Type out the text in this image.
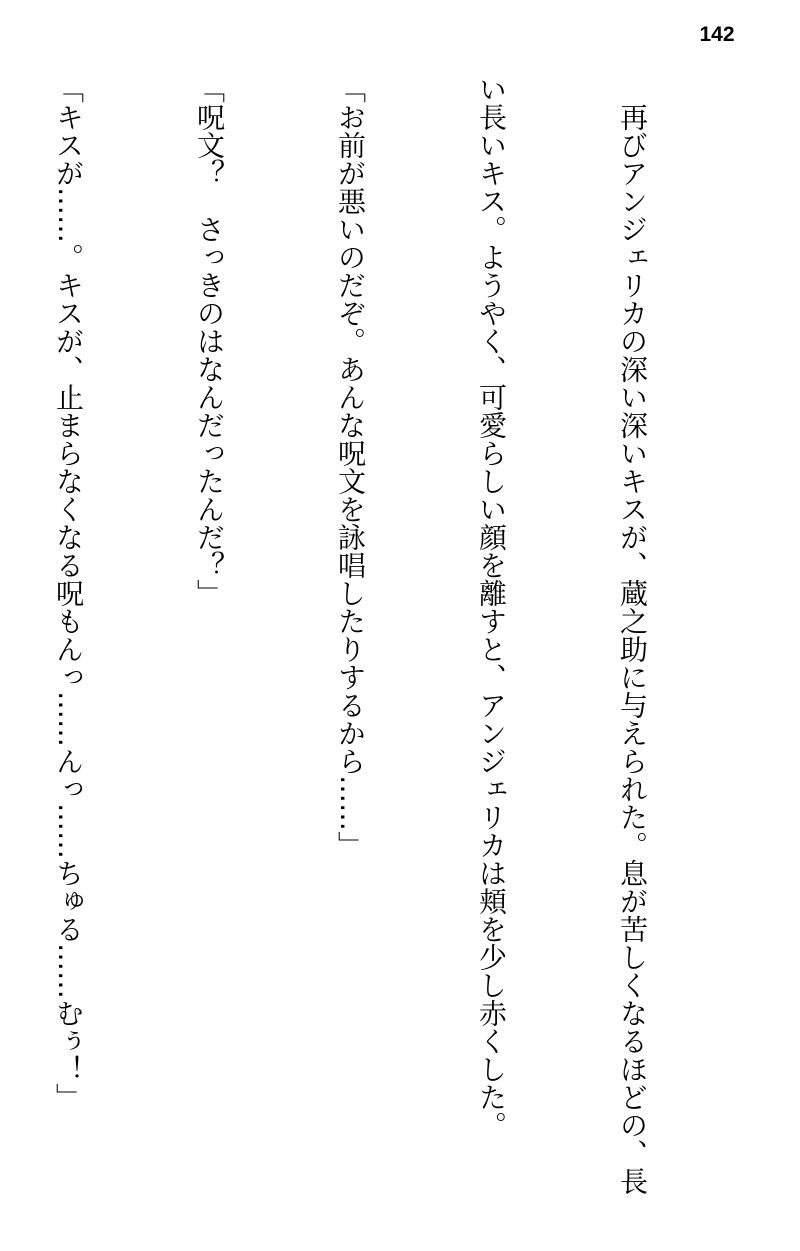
142

　再びアンジェリカの深い深いキスが、蔵之助に与えられた。息が苦しくなるほどの、長

い長いキス。ようやく、可愛らしい顔を離すと、アンジェリカは頬を少し赤くした。

「お前が悪いのだぞ。あんな呪文を詠唱したりするから……」

「呪文？　さっきのはなんだったんだ？」

「キスが……。キスが、止まらなくなる呪もんっ……んっ……ちゅる……むぅ！」
